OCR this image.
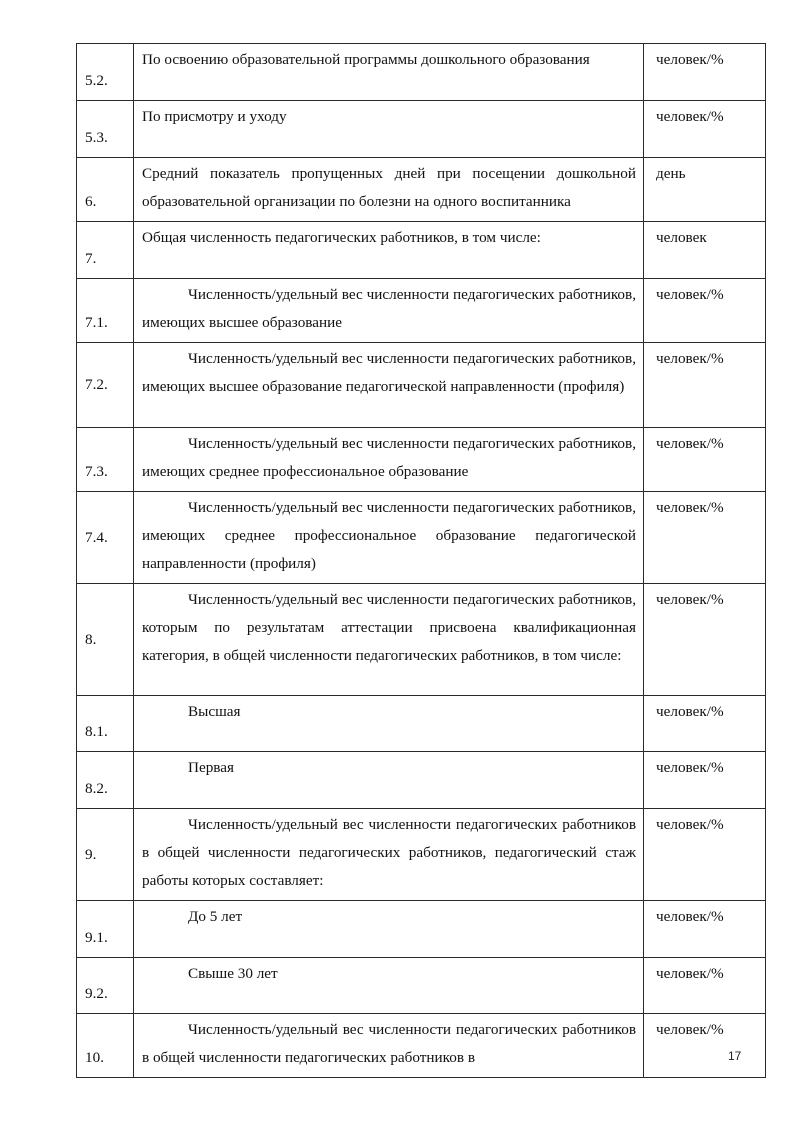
5.2.	По освоению образовательной программы дошкольного образования	человек/%
5.3.	По присмотру и уходу	человек/%
6.	Средний показатель пропущенных дней при посещении дошкольной образовательной организации по болезни на одного воспитанника	день
7.	Общая численность педагогических работников, в том числе:	человек
7.1.	Численность/удельный вес численности педагогических работников, имеющих высшее образование	человек/%
7.2.	Численность/удельный вес численности педагогических работников, имеющих высшее образование педагогической направленности (профиля)	человек/%
7.3.	Численность/удельный вес численности педагогических работников, имеющих среднее профессиональное образование	человек/%
7.4.	Численность/удельный вес численности педагогических работников, имеющих среднее профессиональное образование педагогической направленности (профиля)	человек/%
8.	Численность/удельный вес численности педагогических работников, которым по результатам аттестации присвоена квалификационная категория, в общей численности педагогических работников, в том числе:	человек/%
8.1.	Высшая	человек/%
8.2.	Первая	человек/%
9.	Численность/удельный вес численности педагогических работников в общей численности педагогических работников, педагогический стаж работы которых составляет:	человек/%
9.1.	До 5 лет	человек/%
9.2.	Свыше 30 лет	человек/%
10.	Численность/удельный вес численности педагогических работников в общей численности педагогических работников в	человек/%
17
